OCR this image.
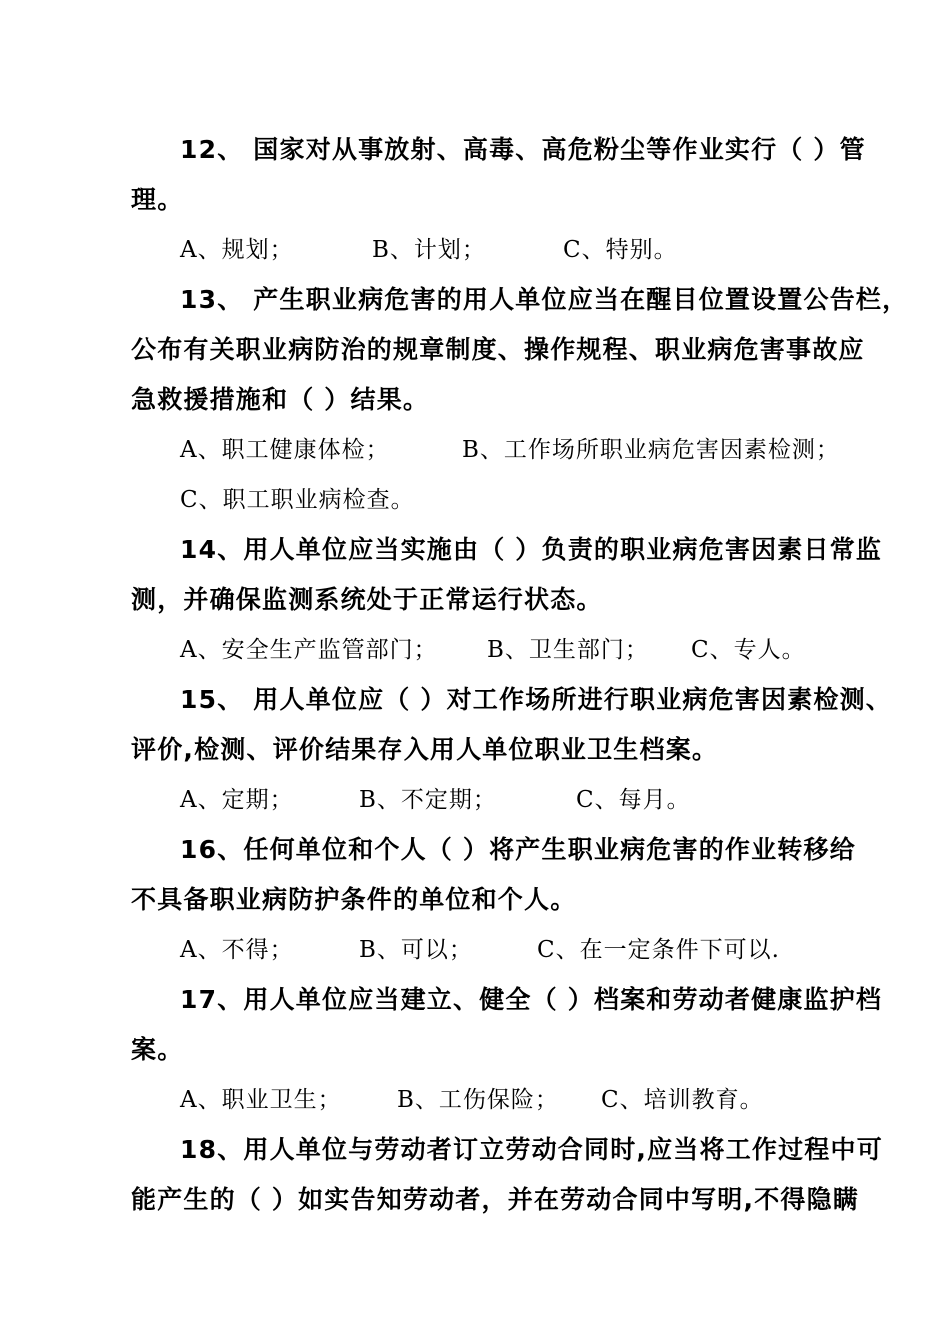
12、 国家对从事放射、高毒、高危粉尘等作业实行（ ）管
理。
A、规划；	B、计划；	C、特别。
13、 产生职业病危害的用人单位应当在醒目位置设置公告栏，
公布有关职业病防治的规章制度、操作规程、职业病危害事故应
急救援措施和（ ）结果。
A、职工健康体检；	B、工作场所职业病危害因素检测；
C、职工职业病检查。
14、用人单位应当实施由（ ）负责的职业病危害因素日常监
测，并确保监测系统处于正常运行状态。
A、安全生产监管部门； B、卫生部门； C、专人。
15、 用人单位应（ ）对工作场所进行职业病危害因素检测、
评价,检测、评价结果存入用人单位职业卫生档案。
A、定期；	B、不定期；	C、每月。
16、任何单位和个人（ ）将产生职业病危害的作业转移给
不具备职业病防护条件的单位和个人。
A、不得；	B、可以；	C、在一定条件下可以.
17、用人单位应当建立、健全（ ）档案和劳动者健康监护档
案。
A、职业卫生； B、工伤保险； C、培训教育。
18、用人单位与劳动者订立劳动合同时,应当将工作过程中可
能产生的（ ）如实告知劳动者，并在劳动合同中写明,不得隐瞒
